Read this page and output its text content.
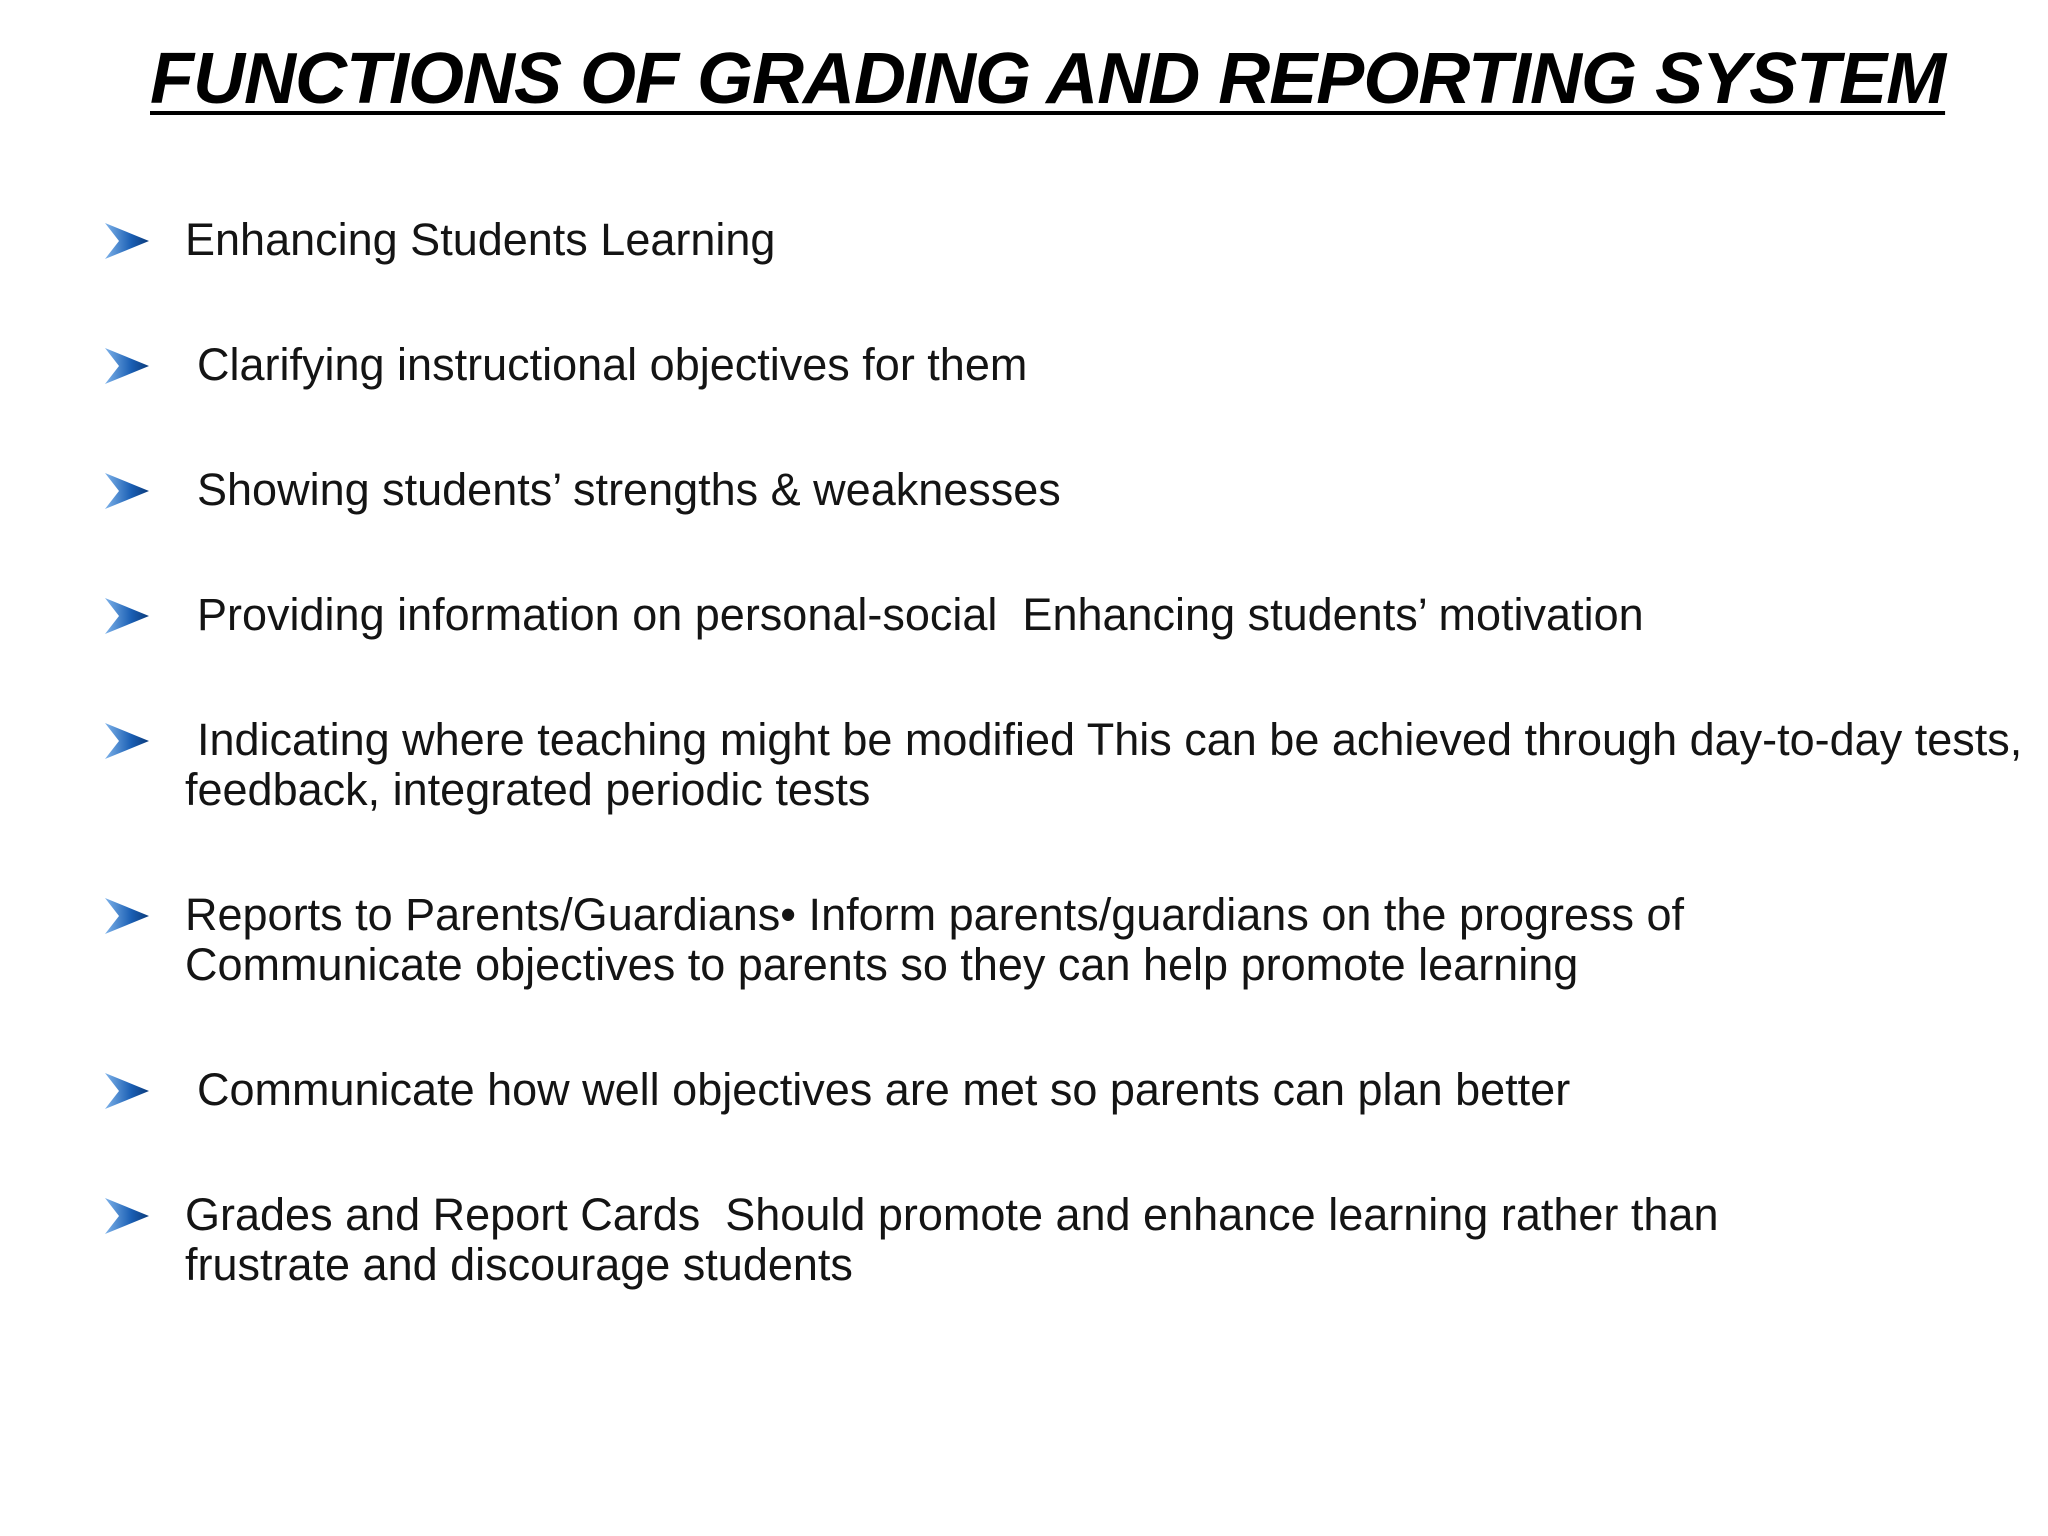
FUNCTIONS OF GRADING AND REPORTING SYSTEM
Enhancing Students Learning
Clarifying instructional objectives for them
Showing students’ strengths & weaknesses
Providing information on personal-social  Enhancing students’ motivation
Indicating where teaching might be modified This can be achieved through day-to-day tests, feedback, integrated periodic tests
Reports to Parents/Guardians• Inform parents/guardians on the progress of Communicate objectives to parents so they can help promote learning
Communicate how well objectives are met so parents can plan better
Grades and Report Cards  Should promote and enhance learning rather than frustrate and discourage students
